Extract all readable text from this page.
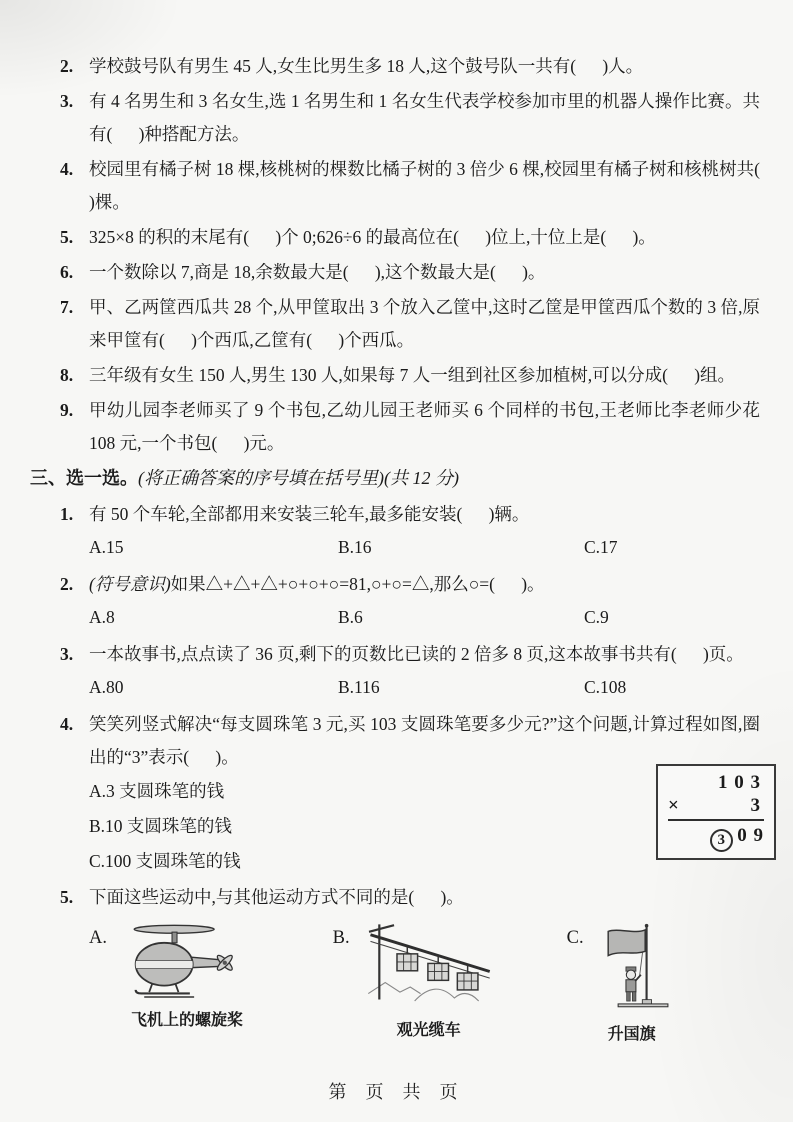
2. 学校鼓号队有男生 45 人,女生比男生多 18 人,这个鼓号队一共有(      )人。
3. 有 4 名男生和 3 名女生,选 1 名男生和 1 名女生代表学校参加市里的机器人操作比赛。共有(      )种搭配方法。
4. 校园里有橘子树 18 棵,核桃树的棵数比橘子树的 3 倍少 6 棵,校园里有橘子树和核桃树共(      )棵。
5. 325×8 的积的末尾有(      )个 0;626÷6 的最高位在(      )位上,十位上是(      )。
6. 一个数除以 7,商是 18,余数最大是(      ),这个数最大是(      )。
7. 甲、乙两筐西瓜共 28 个,从甲筐取出 3 个放入乙筐中,这时乙筐是甲筐西瓜个数的 3 倍,原来甲筐有(      )个西瓜,乙筐有(      )个西瓜。
8. 三年级有女生 150 人,男生 130 人,如果每 7 人一组到社区参加植树,可以分成(      )组。
9. 甲幼儿园李老师买了 9 个书包,乙幼儿园王老师买 6 个同样的书包,王老师比李老师少花 108 元,一个书包(      )元。
三、选一选。(将正确答案的序号填在括号里)(共 12 分)
1. 有 50 个车轮,全部都用来安装三轮车,最多能安装(      )辆。
A.15	B.16	C.17
2. (符号意识)如果△+△+△+○+○+○=81,○+○=△,那么○=(      )。
A.8	B.6	C.9
3. 一本故事书,点点读了 36 页,剩下的页数比已读的 2 倍多 8 页,这本故事书共有(      )页。
A.80	B.116	C.108
4. 笑笑列竖式解决“每支圆珠笔 3 元,买 103 支圆珠笔要多少元?”这个问题,计算过程如图,圈出的“3”表示(      )。
A.3 支圆珠笔的钱
B.10 支圆珠笔的钱
C.100 支圆珠笔的钱
1 0 3
×	3
3 0 9
5. 下面这些运动中,与其他运动方式不同的是(      )。
A.
飞机上的螺旋桨
B.
观光缆车
C.
升国旗
第 页 共 页
